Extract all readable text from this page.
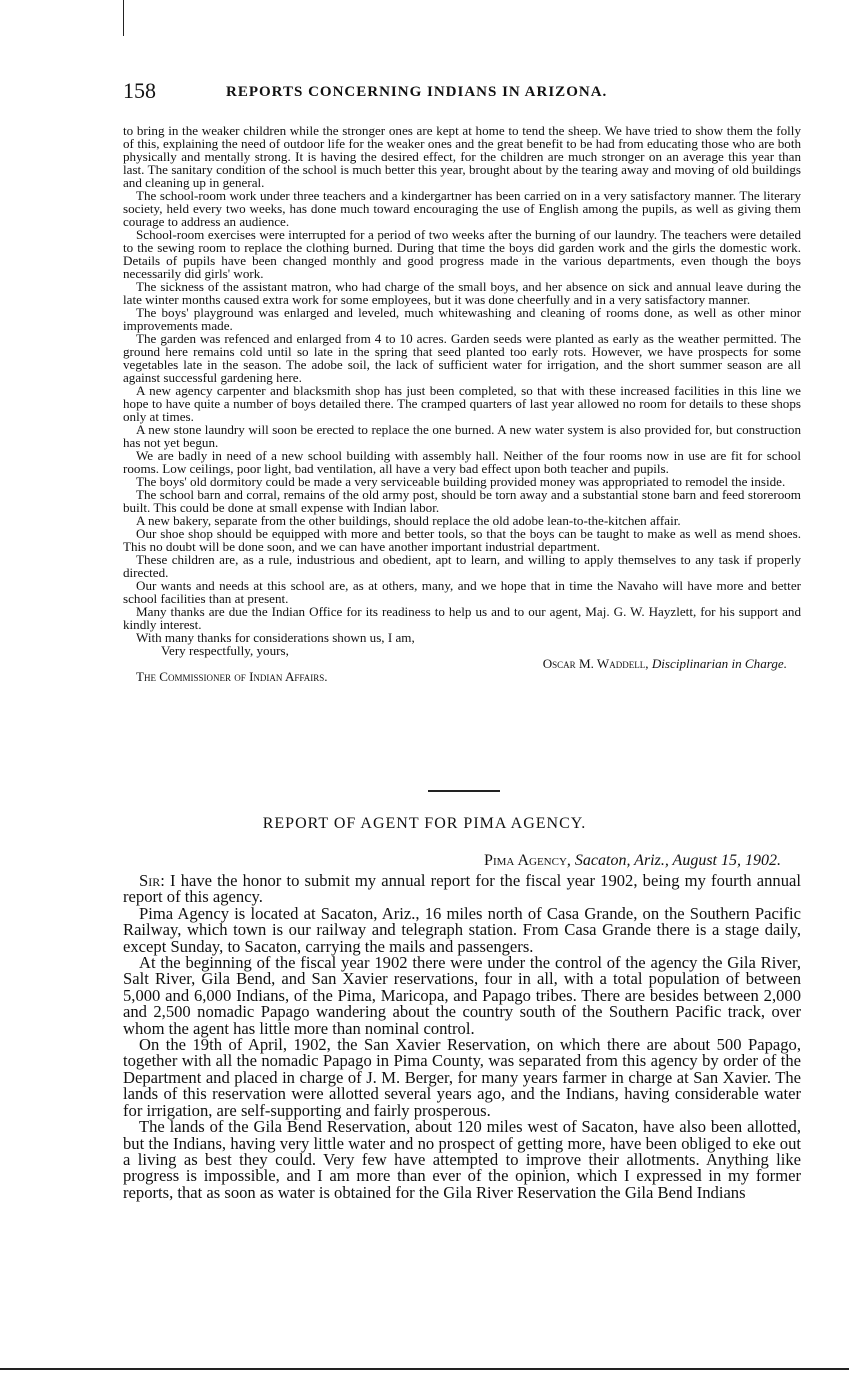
158	REPORTS CONCERNING INDIANS IN ARIZONA.

to bring in the weaker children while the stronger ones are kept at home to tend the sheep. We have tried to show them the folly of this, explaining the need of outdoor life for the weaker ones and the great benefit to be had from educating those who are both physically and mentally strong. It is having the desired effect, for the children are much stronger on an average this year than last. The sanitary condition of the school is much better this year, brought about by the tearing away and moving of old buildings and cleaning up in general.

The school-room work under three teachers and a kindergartner has been carried on in a very satisfactory manner. The literary society, held every two weeks, has done much toward encouraging the use of English among the pupils, as well as giving them courage to address an audience.

School-room exercises were interrupted for a period of two weeks after the burning of our laundry. The teachers were detailed to the sewing room to replace the clothing burned. During that time the boys did garden work and the girls the domestic work. Details of pupils have been changed monthly and good progress made in the various departments, even though the boys necessarily did girls' work.

The sickness of the assistant matron, who had charge of the small boys, and her absence on sick and annual leave during the late winter months caused extra work for some employees, but it was done cheerfully and in a very satisfactory manner.

The boys' playground was enlarged and leveled, much whitewashing and cleaning of rooms done, as well as other minor improvements made.

The garden was refenced and enlarged from 4 to 10 acres. Garden seeds were planted as early as the weather permitted. The ground here remains cold until so late in the spring that seed planted too early rots. However, we have prospects for some vegetables late in the season. The adobe soil, the lack of sufficient water for irrigation, and the short summer season are all against successful gardening here.

A new agency carpenter and blacksmith shop has just been completed, so that with these increased facilities in this line we hope to have quite a number of boys detailed there. The cramped quarters of last year allowed no room for details to these shops only at times.

A new stone laundry will soon be erected to replace the one burned. A new water system is also provided for, but construction has not yet begun.

We are badly in need of a new school building with assembly hall. Neither of the four rooms now in use are fit for school rooms. Low ceilings, poor light, bad ventilation, all have a very bad effect upon both teacher and pupils.

The boys' old dormitory could be made a very serviceable building provided money was appropriated to remodel the inside.

The school barn and corral, remains of the old army post, should be torn away and a substantial stone barn and feed storeroom built. This could be done at small expense with Indian labor.

A new bakery, separate from the other buildings, should replace the old adobe lean-to-the-kitchen affair.

Our shoe shop should be equipped with more and better tools, so that the boys can be taught to make as well as mend shoes. This no doubt will be done soon, and we can have another important industrial department.

These children are, as a rule, industrious and obedient, apt to learn, and willing to apply themselves to any task if properly directed.

Our wants and needs at this school are, as at others, many, and we hope that in time the Navaho will have more and better school facilities than at present.

Many thanks are due the Indian Office for its readiness to help us and to our agent, Maj. G. W. Hayzlett, for his support and kindly interest.

With many thanks for considerations shown us, I am,

Very respectfully, yours,

Oscar M. Waddell, Disciplinarian in Charge.

The Commissioner of Indian Affairs.

REPORT OF AGENT FOR PIMA AGENCY.
Pima Agency, Sacaton, Ariz., August 15, 1902.

Sir: I have the honor to submit my annual report for the fiscal year 1902, being my fourth annual report of this agency.

Pima Agency is located at Sacaton, Ariz., 16 miles north of Casa Grande, on the Southern Pacific Railway, which town is our railway and telegraph station. From Casa Grande there is a stage daily, except Sunday, to Sacaton, carrying the mails and passengers.

At the beginning of the fiscal year 1902 there were under the control of the agency the Gila River, Salt River, Gila Bend, and San Xavier reservations, four in all, with a total population of between 5,000 and 6,000 Indians, of the Pima, Maricopa, and Papago tribes. There are besides between 2,000 and 2,500 nomadic Papago wandering about the country south of the Southern Pacific track, over whom the agent has little more than nominal control.

On the 19th of April, 1902, the San Xavier Reservation, on which there are about 500 Papago, together with all the nomadic Papago in Pima County, was separated from this agency by order of the Department and placed in charge of J. M. Berger, for many years farmer in charge at San Xavier. The lands of this reservation were allotted several years ago, and the Indians, having considerable water for irrigation, are self-supporting and fairly prosperous.

The lands of the Gila Bend Reservation, about 120 miles west of Sacaton, have also been allotted, but the Indians, having very little water and no prospect of getting more, have been obliged to eke out a living as best they could. Very few have attempted to improve their allotments. Anything like progress is impossible, and I am more than ever of the opinion, which I expressed in my former reports, that as soon as water is obtained for the Gila River Reservation the Gila Bend Indians
